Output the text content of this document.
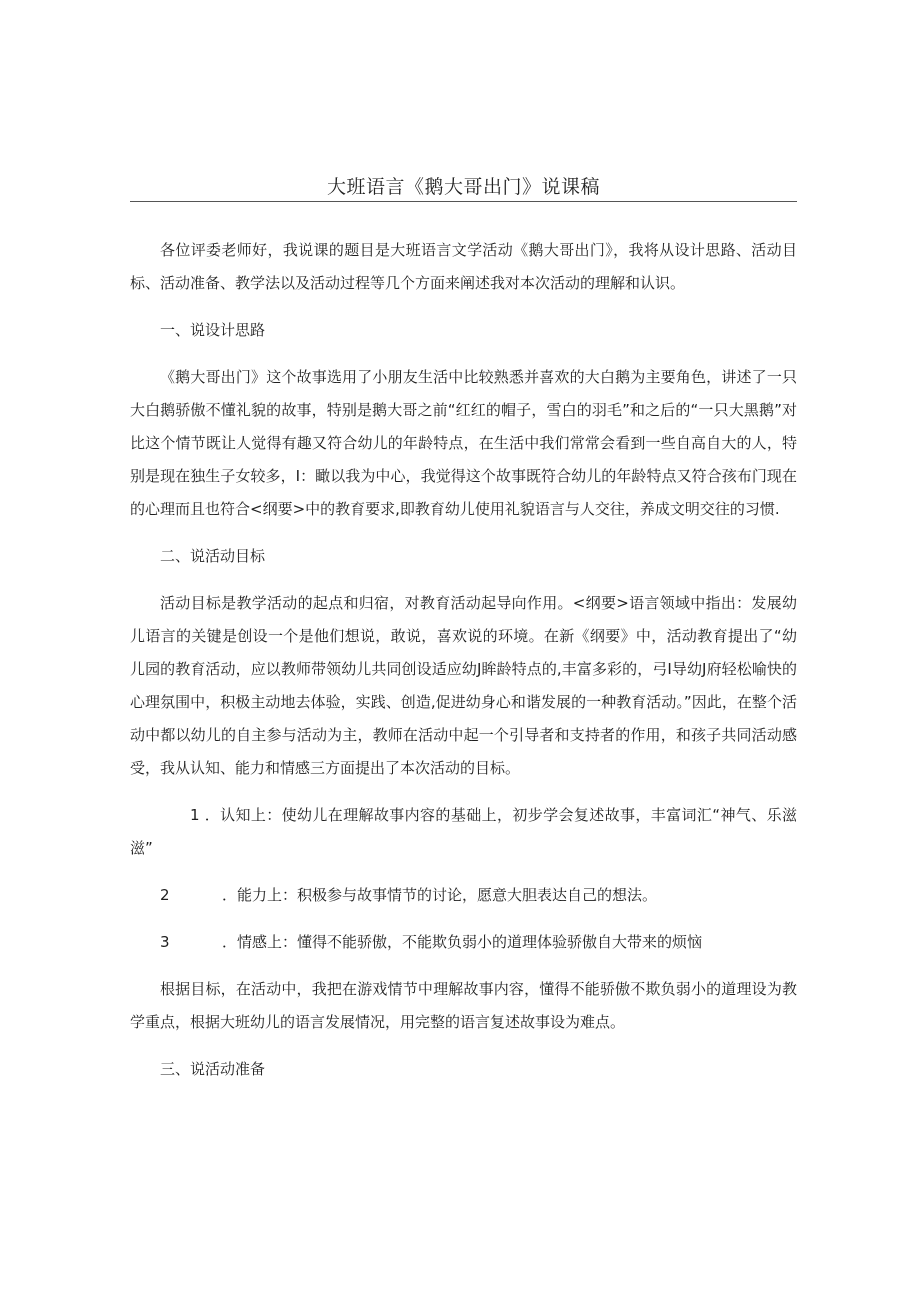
大班语言《鹅大哥出门》说课稿

各位评委老师好，我说课的题目是大班语言文学活动《鹅大哥出门》，我将从设计思路、活动目标、活动准备、教学法以及活动过程等几个方面来阐述我对本次活动的理解和认识。

一、说设计思路

《鹅大哥出门》这个故事选用了小朋友生活中比较熟悉并喜欢的大白鹅为主要角色，讲述了一只大白鹅骄傲不懂礼貌的故事，特别是鹅大哥之前“红红的帽子，雪白的羽毛”和之后的“一只大黑鹅”对比这个情节既让人觉得有趣又符合幼儿的年龄特点，在生活中我们常常会看到一些自高自大的人，特别是现在独生子女较多，I：瞰以我为中心，我觉得这个故事既符合幼儿的年龄特点又符合孩布门现在的心理而且也符合<纲要>中的教育要求,即教育幼儿使用礼貌语言与人交往，养成文明交往的习惯.

二、说活动目标

活动目标是教学活动的起点和归宿，对教育活动起导向作用。<纲要>语言领域中指出：发展幼儿语言的关键是创设一个是他们想说，敢说，喜欢说的环境。在新《纲要》中，活动教育提出了“幼儿园的教育活动，应以教师带领幼儿共同创设适应幼J眸龄特点的,丰富多彩的，弓I导幼J府轻松喻快的心理氛围中，积极主动地去体验，实践、创造,促进幼身心和谐发展的一种教育活动。”因此，在整个活动中都以幼儿的自主参与活动为主，教师在活动中起一个引导者和支持者的作用，和孩子共同活动感受，我从认知、能力和情感三方面提出了本次活动的目标。

1 ．认知上：使幼儿在理解故事内容的基础上，初步学会复述故事，丰富词汇“神气、乐滋滋”

2	．能力上：积极参与故事情节的讨论，愿意大胆表达自己的想法。

3	．情感上：懂得不能骄傲，不能欺负弱小的道理体验骄傲自大带来的烦恼

根据目标，在活动中，我把在游戏情节中理解故事内容，懂得不能骄傲不欺负弱小的道理设为教学重点，根据大班幼儿的语言发展情况，用完整的语言复述故事设为难点。

三、说活动准备
